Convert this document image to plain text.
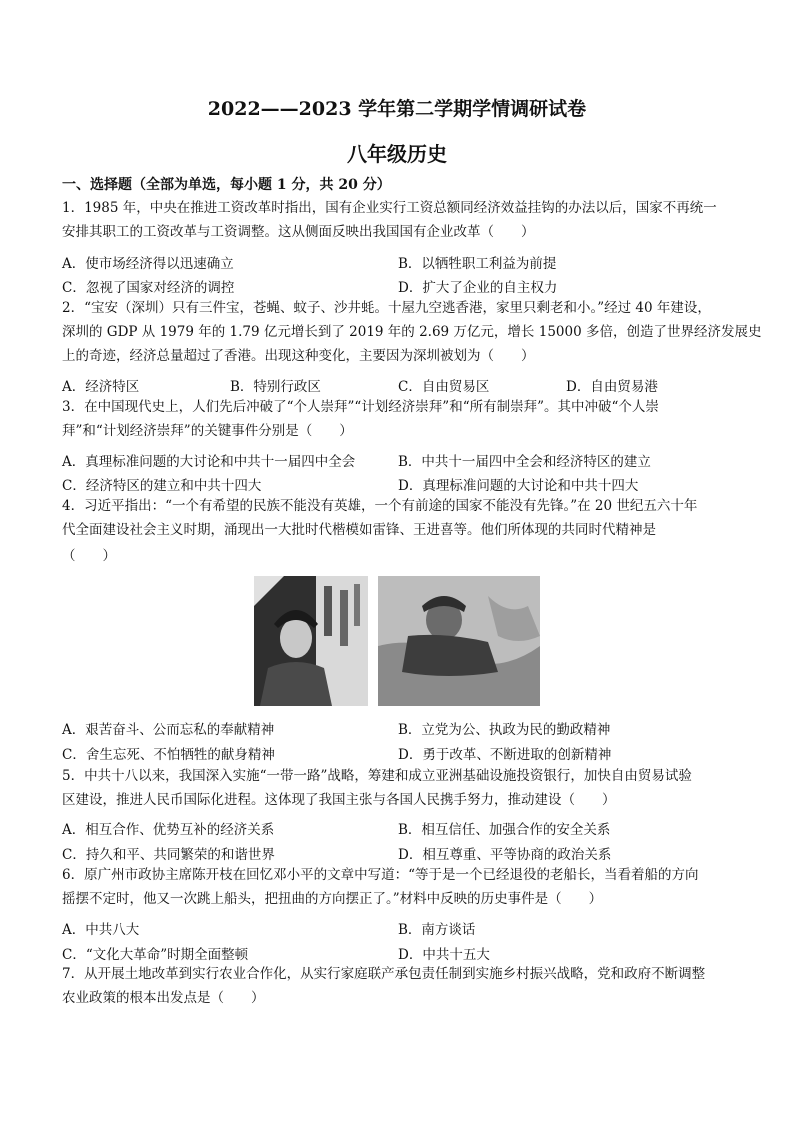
2022——2023 学年第二学期学情调研试卷
八年级历史
一、选择题（全部为单选，每小题 1 分，共 20 分）
1．1985 年，中央在推进工资改革时指出，国有企业实行工资总额同经济效益挂钩的办法以后，国家不再统一
安排其职工的工资改革与工资调整。这从侧面反映出我国国有企业改革（　　）
A．使市场经济得以迅速确立	B．以牺牲职工利益为前提
C．忽视了国家对经济的调控	D．扩大了企业的自主权力
2．“宝安（深圳）只有三件宝，苍蝇、蚊子、沙井蚝。十屋九空逃香港，家里只剩老和小。”经过 40 年建设，
深圳的 GDP 从 1979 年的 1.79 亿元增长到了 2019 年的 2.69 万亿元，增长 15000 多倍，创造了世界经济发展史
上的奇迹，经济总量超过了香港。出现这种变化，主要因为深圳被划为（　　）
A．经济特区	B．特别行政区	C．自由贸易区	D．自由贸易港
3．在中国现代史上，人们先后冲破了“个人崇拜”“计划经济崇拜”和“所有制崇拜”。其中冲破“个人崇
拜”和“计划经济崇拜”的关键事件分别是（　　）
A．真理标准问题的大讨论和中共十一届四中全会	B．中共十一届四中全会和经济特区的建立
C．经济特区的建立和中共十四大	D．真理标准问题的大讨论和中共十四大
4．习近平指出：“一个有希望的民族不能没有英雄，一个有前途的国家不能没有先锋。”在 20 世纪五六十年
代全面建设社会主义时期，涌现出一大批时代楷模如雷锋、王进喜等。他们所体现的共同时代精神是
（　　）
A．艰苦奋斗、公而忘私的奉献精神	B．立党为公、执政为民的勤政精神
C．舍生忘死、不怕牺牲的献身精神	D．勇于改革、不断进取的创新精神
5．中共十八以来，我国深入实施“一带一路”战略，筹建和成立亚洲基础设施投资银行，加快自由贸易试验
区建设，推进人民币国际化进程。这体现了我国主张与各国人民携手努力，推动建设（　　）
A．相互合作、优势互补的经济关系	B．相互信任、加强合作的安全关系
C．持久和平、共同繁荣的和谐世界	D．相互尊重、平等协商的政治关系
6．原广州市政协主席陈开枝在回忆邓小平的文章中写道：“等于是一个已经退役的老船长，当看着船的方向
摇摆不定时，他又一次跳上船头，把扭曲的方向摆正了。”材料中反映的历史事件是（　　）
A．中共八大	B．南方谈话
C．“文化大革命”时期全面整顿	D．中共十五大
7．从开展土地改革到实行农业合作化，从实行家庭联产承包责任制到实施乡村振兴战略，党和政府不断调整
农业政策的根本出发点是（　　）
